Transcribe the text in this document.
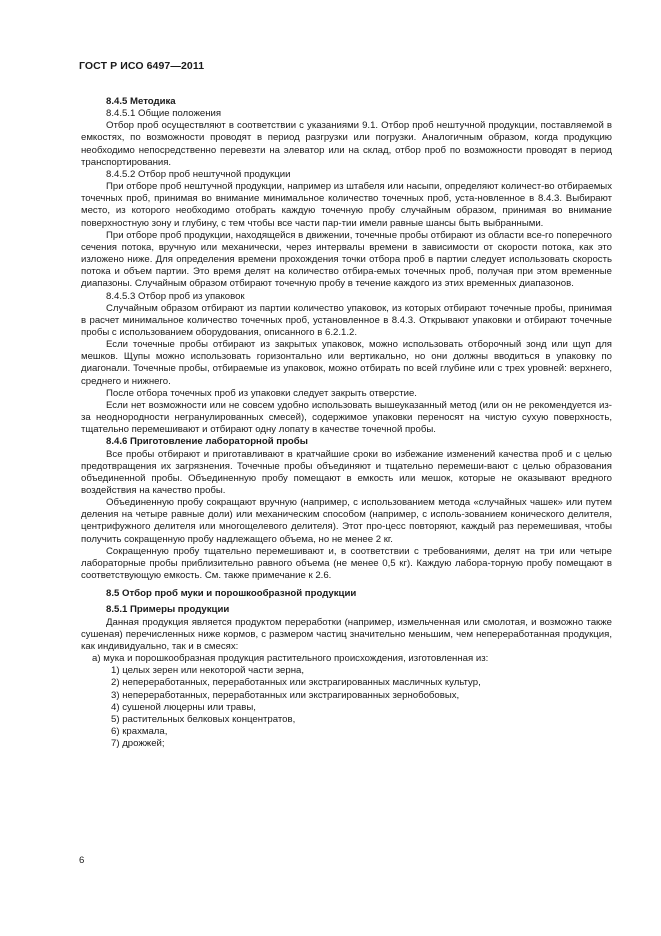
ГОСТ Р ИСО 6497—2011

8.4.5 Методика

8.4.5.1 Общие положения

Отбор проб осуществляют в соответствии с указаниями 9.1. Отбор проб нештучной продукции, поставляемой в емкостях, по возможности проводят в период разгрузки или погрузки. Аналогичным образом, когда продукцию необходимо непосредственно перевезти на элеватор или на склад, отбор проб по возможности проводят в период транспортирования.

8.4.5.2 Отбор проб нештучной продукции

При отборе проб нештучной продукции, например из штабеля или насыпи, определяют количест-во отбираемых точечных проб, принимая во внимание минимальное количество точечных проб, уста-новленное в 8.4.3. Выбирают место, из которого необходимо отобрать каждую точечную пробу случайным образом, принимая во внимание поверхностную зону и глубину, с тем чтобы все части пар-тии имели равные шансы быть выбранными.

При отборе проб продукции, находящейся в движении, точечные пробы отбирают из области все-го поперечного сечения потока, вручную или механически, через интервалы времени в зависимости от скорости потока, как это изложено ниже. Для определения времени прохождения точки отбора проб в партии следует использовать скорость потока и объем партии. Это время делят на количество отбира-емых точечных проб, получая при этом временные диапазоны. Случайным образом отбирают точечную пробу в течение каждого из этих временных диапазонов.

8.4.5.3 Отбор проб из упаковок

Случайным образом отбирают из партии количество упаковок, из которых отбирают точечные пробы, принимая в расчет минимальное количество точечных проб, установленное в 8.4.3. Открывают упаковки и отбирают точечные пробы с использованием оборудования, описанного в 6.2.1.2.

Если точечные пробы отбирают из закрытых упаковок, можно использовать отборочный зонд или щуп для мешков. Щупы можно использовать горизонтально или вертикально, но они должны вводиться в упаковку по диагонали. Точечные пробы, отбираемые из упаковок, можно отбирать по всей глубине или с трех уровней: верхнего, среднего и нижнего.

После отбора точечных проб из упаковки следует закрыть отверстие.

Если нет возможности или не совсем удобно использовать вышеуказанный метод (или он не рекомендуется из-за неоднородности негранулированных смесей), содержимое упаковки переносят на чистую сухую поверхность, тщательно перемешивают и отбирают одну лопату в качестве точечной пробы.

8.4.6 Приготовление лабораторной пробы

Все пробы отбирают и приготавливают в кратчайшие сроки во избежание изменений качества проб и с целью предотвращения их загрязнения. Точечные пробы объединяют и тщательно перемеши-вают с целью образования объединенной пробы. Объединенную пробу помещают в емкость или мешок, которые не оказывают вредного воздействия на качество пробы.

Объединенную пробу сокращают вручную (например, с использованием метода «случайных чашек» или путем деления на четыре равные доли) или механическим способом (например, с исполь-зованием конического делителя, центрифужного делителя или многощелевого делителя). Этот про-цесс повторяют, каждый раз перемешивая, чтобы получить сокращенную пробу надлежащего объема, но не менее 2 кг.

Сокращенную пробу тщательно перемешивают и, в соответствии с требованиями, делят на три или четыре лабораторные пробы приблизительно равного объема (не менее 0,5 кг). Каждую лабора-торную пробу помещают в соответствующую емкость. См. также примечание к 2.6.

8.5 Отбор проб муки и порошкообразной продукции

8.5.1 Примеры продукции

Данная продукция является продуктом переработки (например, измельченная или смолотая, и возможно также сушеная) перечисленных ниже кормов, с размером частиц значительно меньшим, чем непереработанная продукция, как индивидуально, так и в смесях:

а) мука и порошкообразная продукция растительного происхождения, изготовленная из:

1) целых зерен или некоторой части зерна,

2) непереработанных, переработанных или экстрагированных масличных культур,

3) непереработанных, переработанных или экстрагированных зернобобовых,

4) сушеной люцерны или травы,

5) растительных белковых концентратов,

6) крахмала,

7) дрожжей;

6
